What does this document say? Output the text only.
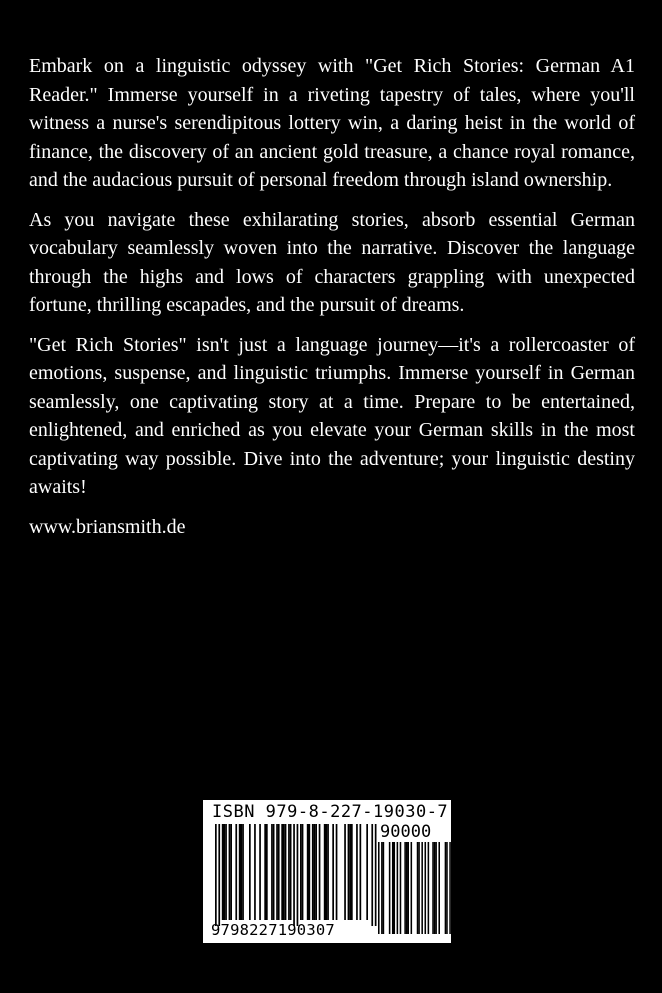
Embark on a linguistic odyssey with "Get Rich Stories: German A1 Reader." Immerse yourself in a riveting tapestry of tales, where you'll witness a nurse's serendipitous lottery win, a daring heist in the world of finance, the discovery of an ancient gold treasure, a chance royal romance, and the audacious pursuit of personal freedom through island ownership.

As you navigate these exhilarating stories, absorb essential German vocabulary seamlessly woven into the narrative. Discover the language through the highs and lows of characters grappling with unexpected fortune, thrilling escapades, and the pursuit of dreams.

"Get Rich Stories" isn't just a language journey—it's a rollercoaster of emotions, suspense, and linguistic triumphs. Immerse yourself in German seamlessly, one captivating story at a time. Prepare to be entertained, enlightened, and enriched as you elevate your German skills in the most captivating way possible. Dive into the adventure; your linguistic destiny awaits!

www.briansmith.de

ISBN 979-8-227-19030-7
90000
9798227190307
